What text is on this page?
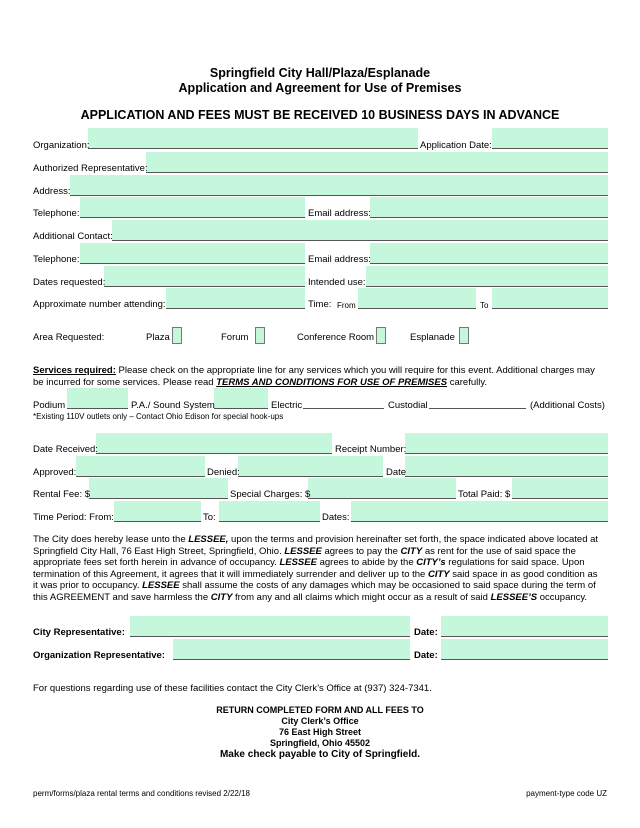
Springfield City Hall/Plaza/Esplanade
Application and Agreement for Use of Premises
APPLICATION AND FEES MUST BE RECEIVED 10 BUSINESS DAYS IN ADVANCE
Organization:	Application Date:
Authorized Representative:
Address:
Telephone:	Email address:
Additional Contact:
Telephone:	Email address:
Dates requested:	Intended use:
Approximate number attending:	Time: From	To
Area Requested:	Plaza	Forum	Conference Room	Esplanade
Services required: Please check on the appropriate line for any services which you will require for this event. Additional charges may
be incurred for some services. Please read TERMS AND CONDITIONS FOR USE OF PREMISES carefully.
Podium	P.A./ Sound System	Electric	Custodial	(Additional Costs)
*Existing 110V outlets only – Contact Ohio Edison for special hook-ups
Date Received:	Receipt Number:
Approved:	Denied:	Date
Rental Fee: $	Special Charges: $	Total Paid: $
Time Period: From:	To:	Dates:
The City does hereby lease unto the LESSEE, upon the terms and provision hereinafter set forth, the space indicated above located at
Springfield City Hall, 76 East High Street, Springfield, Ohio. LESSEE agrees to pay the CITY as rent for the use of said space the
appropriate fees set forth herein in advance of occupancy. LESSEE agrees to abide by the CITY’s regulations for said space. Upon
termination of this Agreement, it agrees that it will immediately surrender and deliver up to the CITY said space in as good condition as
it was prior to occupancy. LESSEE shall assume the costs of any damages which may be occasioned to said space during the term of
this AGREEMENT and save harmless the CITY from any and all claims which might occur as a result of said LESSEE’S occupancy.
City Representative:	Date:
Organization Representative:	Date:
For questions regarding use of these facilities contact the City Clerk’s Office at (937) 324-7341.
RETURN COMPLETED FORM AND ALL FEES TO
City Clerk’s Office
76 East High Street
Springfield, Ohio 45502
Make check payable to City of Springfield.
perm/forms/plaza rental terms and conditions revised 2/22/18	payment-type code UZ
